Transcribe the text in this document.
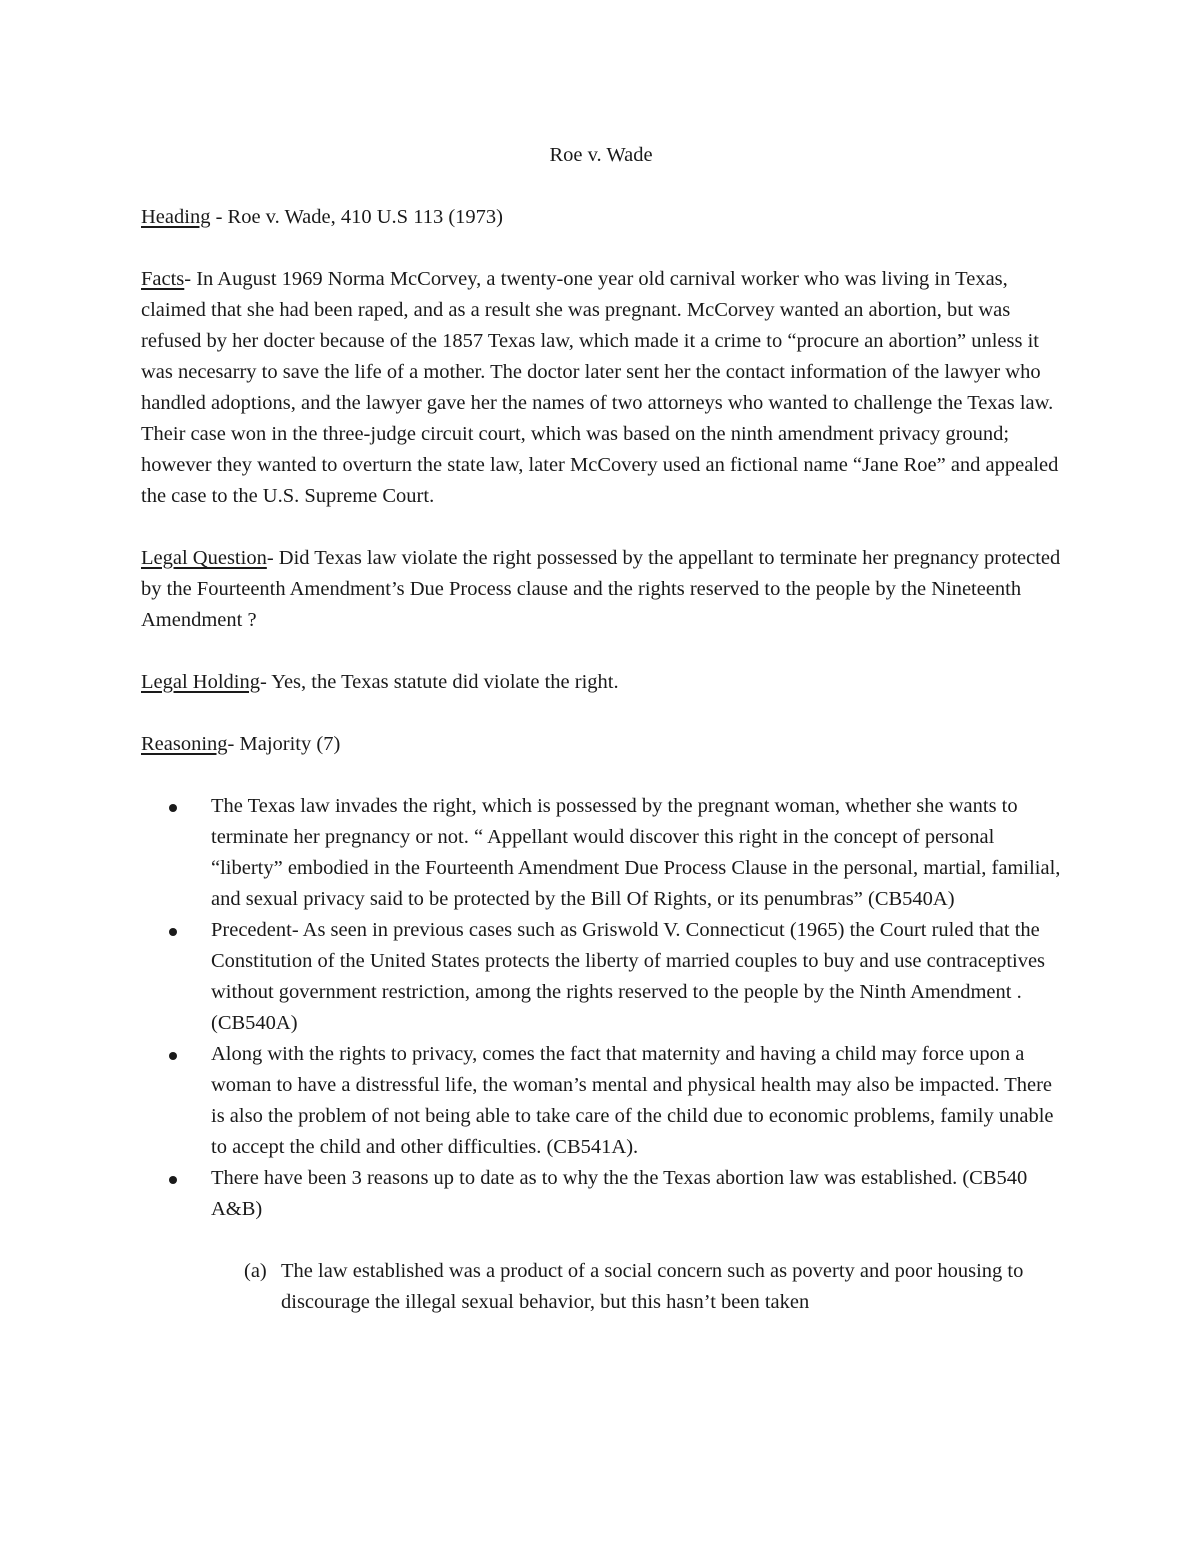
Roe v. Wade

Heading - Roe v. Wade, 410 U.S 113 (1973)

Facts- In August 1969 Norma McCorvey, a twenty-one year old carnival worker who was living in Texas, claimed that she had been raped, and as a result she was pregnant. McCorvey wanted an abortion, but was refused by her docter because of the 1857 Texas law, which made it a crime to “procure an abortion” unless it was necesarry to save the life of a mother. The doctor later sent her the contact information of the lawyer who handled adoptions, and the lawyer gave her the names of two attorneys who wanted to challenge the Texas law. Their case won in the three-judge circuit court, which was based on the ninth amendment privacy ground; however they wanted to overturn the state law, later McCovery used an fictional name “Jane Roe” and appealed the case to the U.S. Supreme Court.

Legal Question- Did Texas law violate the right possessed by the appellant to terminate her pregnancy protected by the Fourteenth Amendment’s Due Process clause and the rights reserved to the people by the Nineteenth Amendment ?

Legal Holding- Yes, the Texas statute did violate the right.

Reasoning- Majority (7)

The Texas law invades the right, which is possessed by the pregnant woman, whether she wants to terminate her pregnancy or not. “ Appellant would discover this right in the concept of personal “liberty” embodied in the Fourteenth Amendment Due Process Clause in the personal, martial, familial, and sexual privacy said to be protected by the Bill Of Rights, or its penumbras” (CB540A)
Precedent- As seen in previous cases such as Griswold V. Connecticut (1965) the Court ruled that the Constitution of the United States protects the liberty of married couples to buy and use contraceptives without government restriction, among the rights reserved to the people by the Ninth Amendment . (CB540A)
Along with the rights to privacy, comes the fact that maternity and having a child may force upon a woman to have a distressful life, the woman’s mental and physical health may also be impacted. There is also the problem of not being able to take care of the child due to economic problems, family unable to accept the child and other difficulties. (CB541A).
There have been 3 reasons up to date as to why the the Texas abortion law was established. (CB540 A&B)
(a) The law established was a product of a social concern such as poverty and poor housing to discourage the illegal sexual behavior, but this hasn’t been taken
